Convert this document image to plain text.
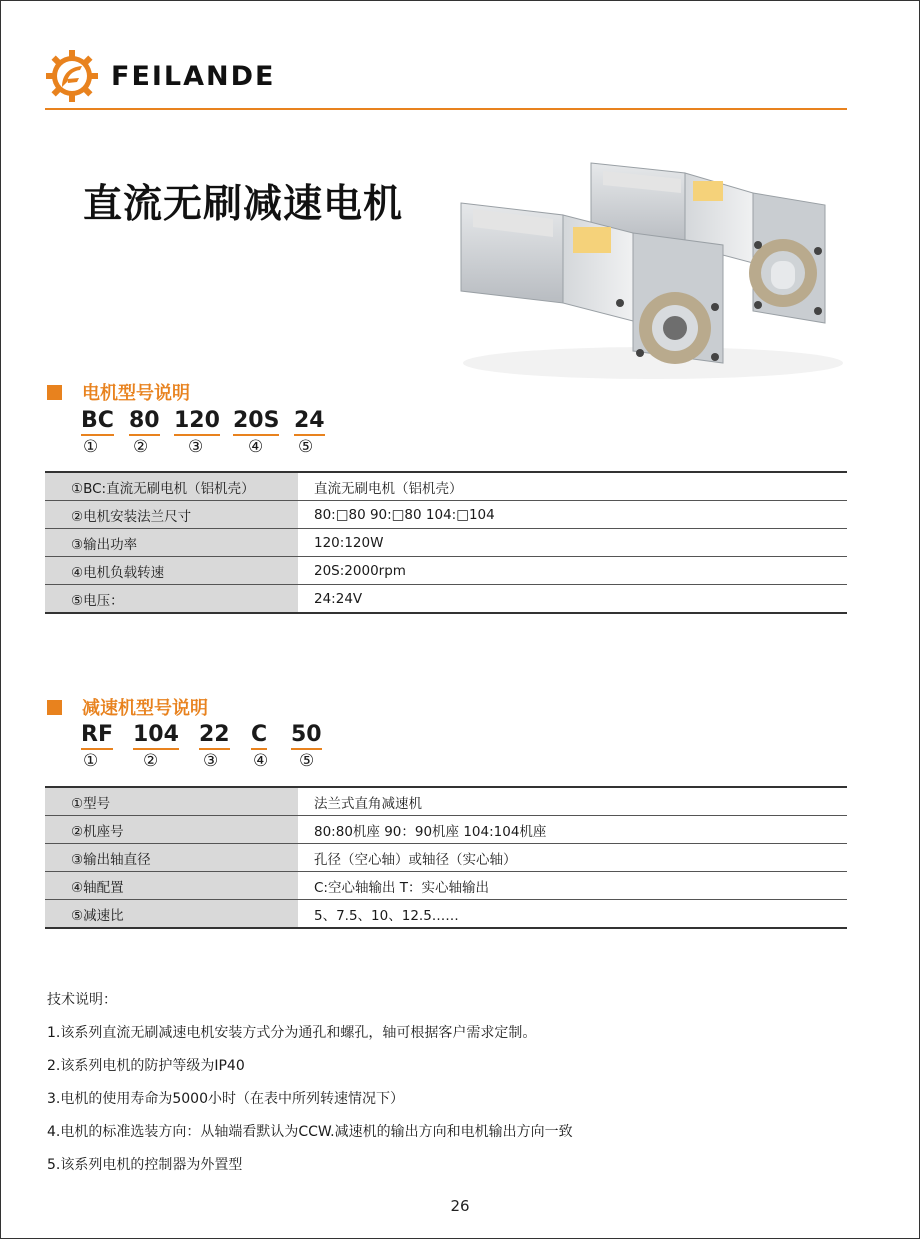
FEILANDE
直流无刷减速电机
电机型号说明
BC 80 120 20S 24
① ② ③	④ ⑤
①BC:直流无刷电机（铝机壳）	直流无刷电机（铝机壳）
②电机安装法兰尺寸	80:□80 90:□80 104:□104
③输出功率	120:120W
④电机负载转速	20S:2000rpm
⑤电压：	24:24V
减速机型号说明
RF 104 22 C 50
①	②	③ ④ ⑤
①型号	法兰式直角减速机
②机座号	80:80机座 90：90机座 104:104机座
③输出轴直径	孔径（空心轴）或轴径（实心轴）
④轴配置	C:空心轴输出 T：实心轴输出
⑤减速比	5、7.5、10、12.5……
技术说明：
1.该系列直流无刷减速电机安装方式分为通孔和螺孔，轴可根据客户需求定制。
2.该系列电机的防护等级为IP40
3.电机的使用寿命为5000小时（在表中所列转速情况下）
4.电机的标准选装方向：从轴端看默认为CCW.减速机的输出方向和电机输出方向一致
5.该系列电机的控制器为外置型
26
